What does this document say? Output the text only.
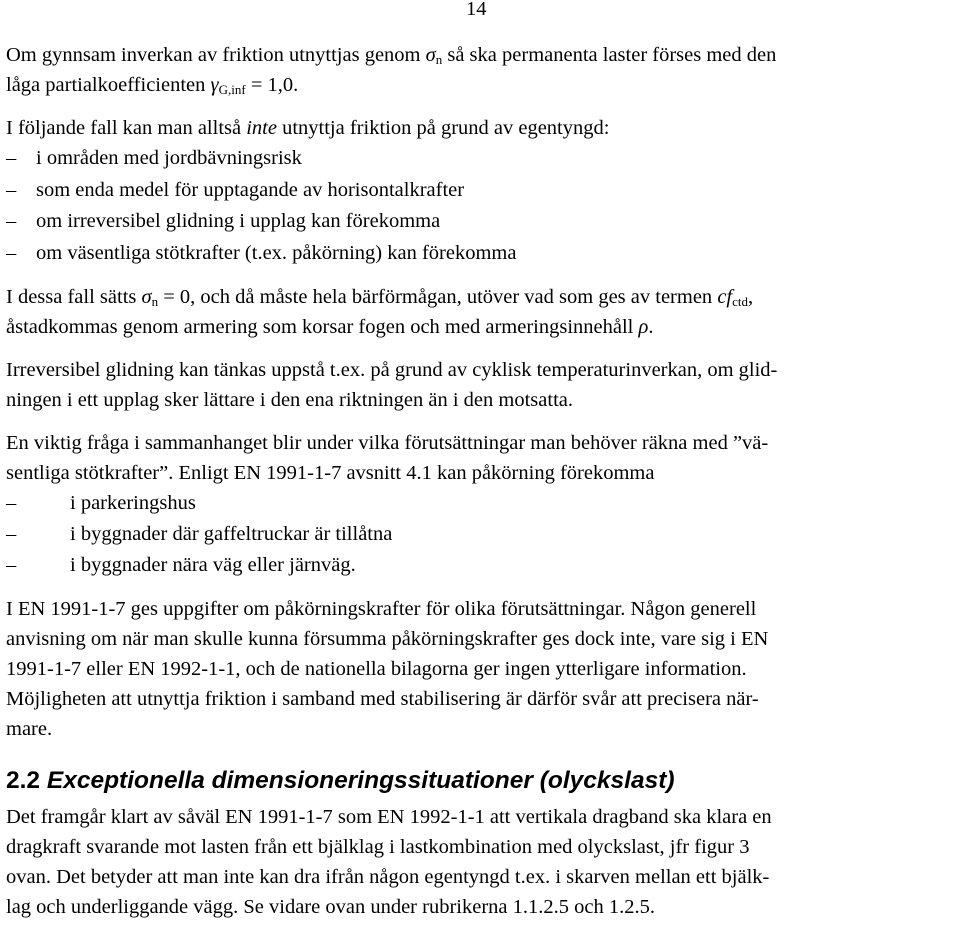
14

Om gynnsam inverkan av friktion utnyttjas genom $\sigma_n$ så ska permanenta laster förses med den
låga partialkoefficienten $\gamma_{G,inf} = 1,0$.

I följande fall kan man alltså inte utnyttja friktion på grund av egentyngd:

– i områden med jordbävningsrisk
– som enda medel för upptagande av horisontalkrafter
– om irreversibel glidning i upplag kan förekomma
– om väsentliga stötkrafter (t.ex. påkörning) kan förekomma

I dessa fall sätts $\sigma_n = 0$, och då måste hela bärförmågan, utöver vad som ges av termen $cf_{ctd}$,
åstadkommas genom armering som korsar fogen och med armeringsinnehåll ρ.

Irreversibel glidning kan tänkas uppstå t.ex. på grund av cyklisk temperaturinverkan, om glid-
ningen i ett upplag sker lättare i den ena riktningen än i den motsatta.

En viktig fråga i sammanhanget blir under vilka förutsättningar man behöver räkna med ”vä-
sentliga stötkrafter”. Enligt EN 1991-1-7 avsnitt 4.1 kan påkörning förekomma

– i parkeringshus
– i byggnader där gaffeltruckar är tillåtna
– i byggnader nära väg eller järnväg.

I EN 1991-1-7 ges uppgifter om påkörningskrafter för olika förutsättningar. Någon generell
anvisning om när man skulle kunna försumma påkörningskrafter ges dock inte, vare sig i EN
1991-1-7 eller EN 1992-1-1, och de nationella bilagorna ger ingen ytterligare information.
Möjligheten att utnyttja friktion i samband med stabilisering är därför svår att precisera när-
mare.

2.2 Exceptionella dimensioneringssituationer (olyckslast)

Det framgår klart av såväl EN 1991-1-7 som EN 1992-1-1 att vertikala dragband ska klara en
dragkraft svarande mot lasten från ett bjälklag i lastkombination med olyckslast, jfr figur 3
ovan. Det betyder att man inte kan dra ifrån någon egentyngd t.ex. i skarven mellan ett bjälk-
lag och underliggande vägg. Se vidare ovan under rubrikerna 1.1.2.5 och 1.2.5.
